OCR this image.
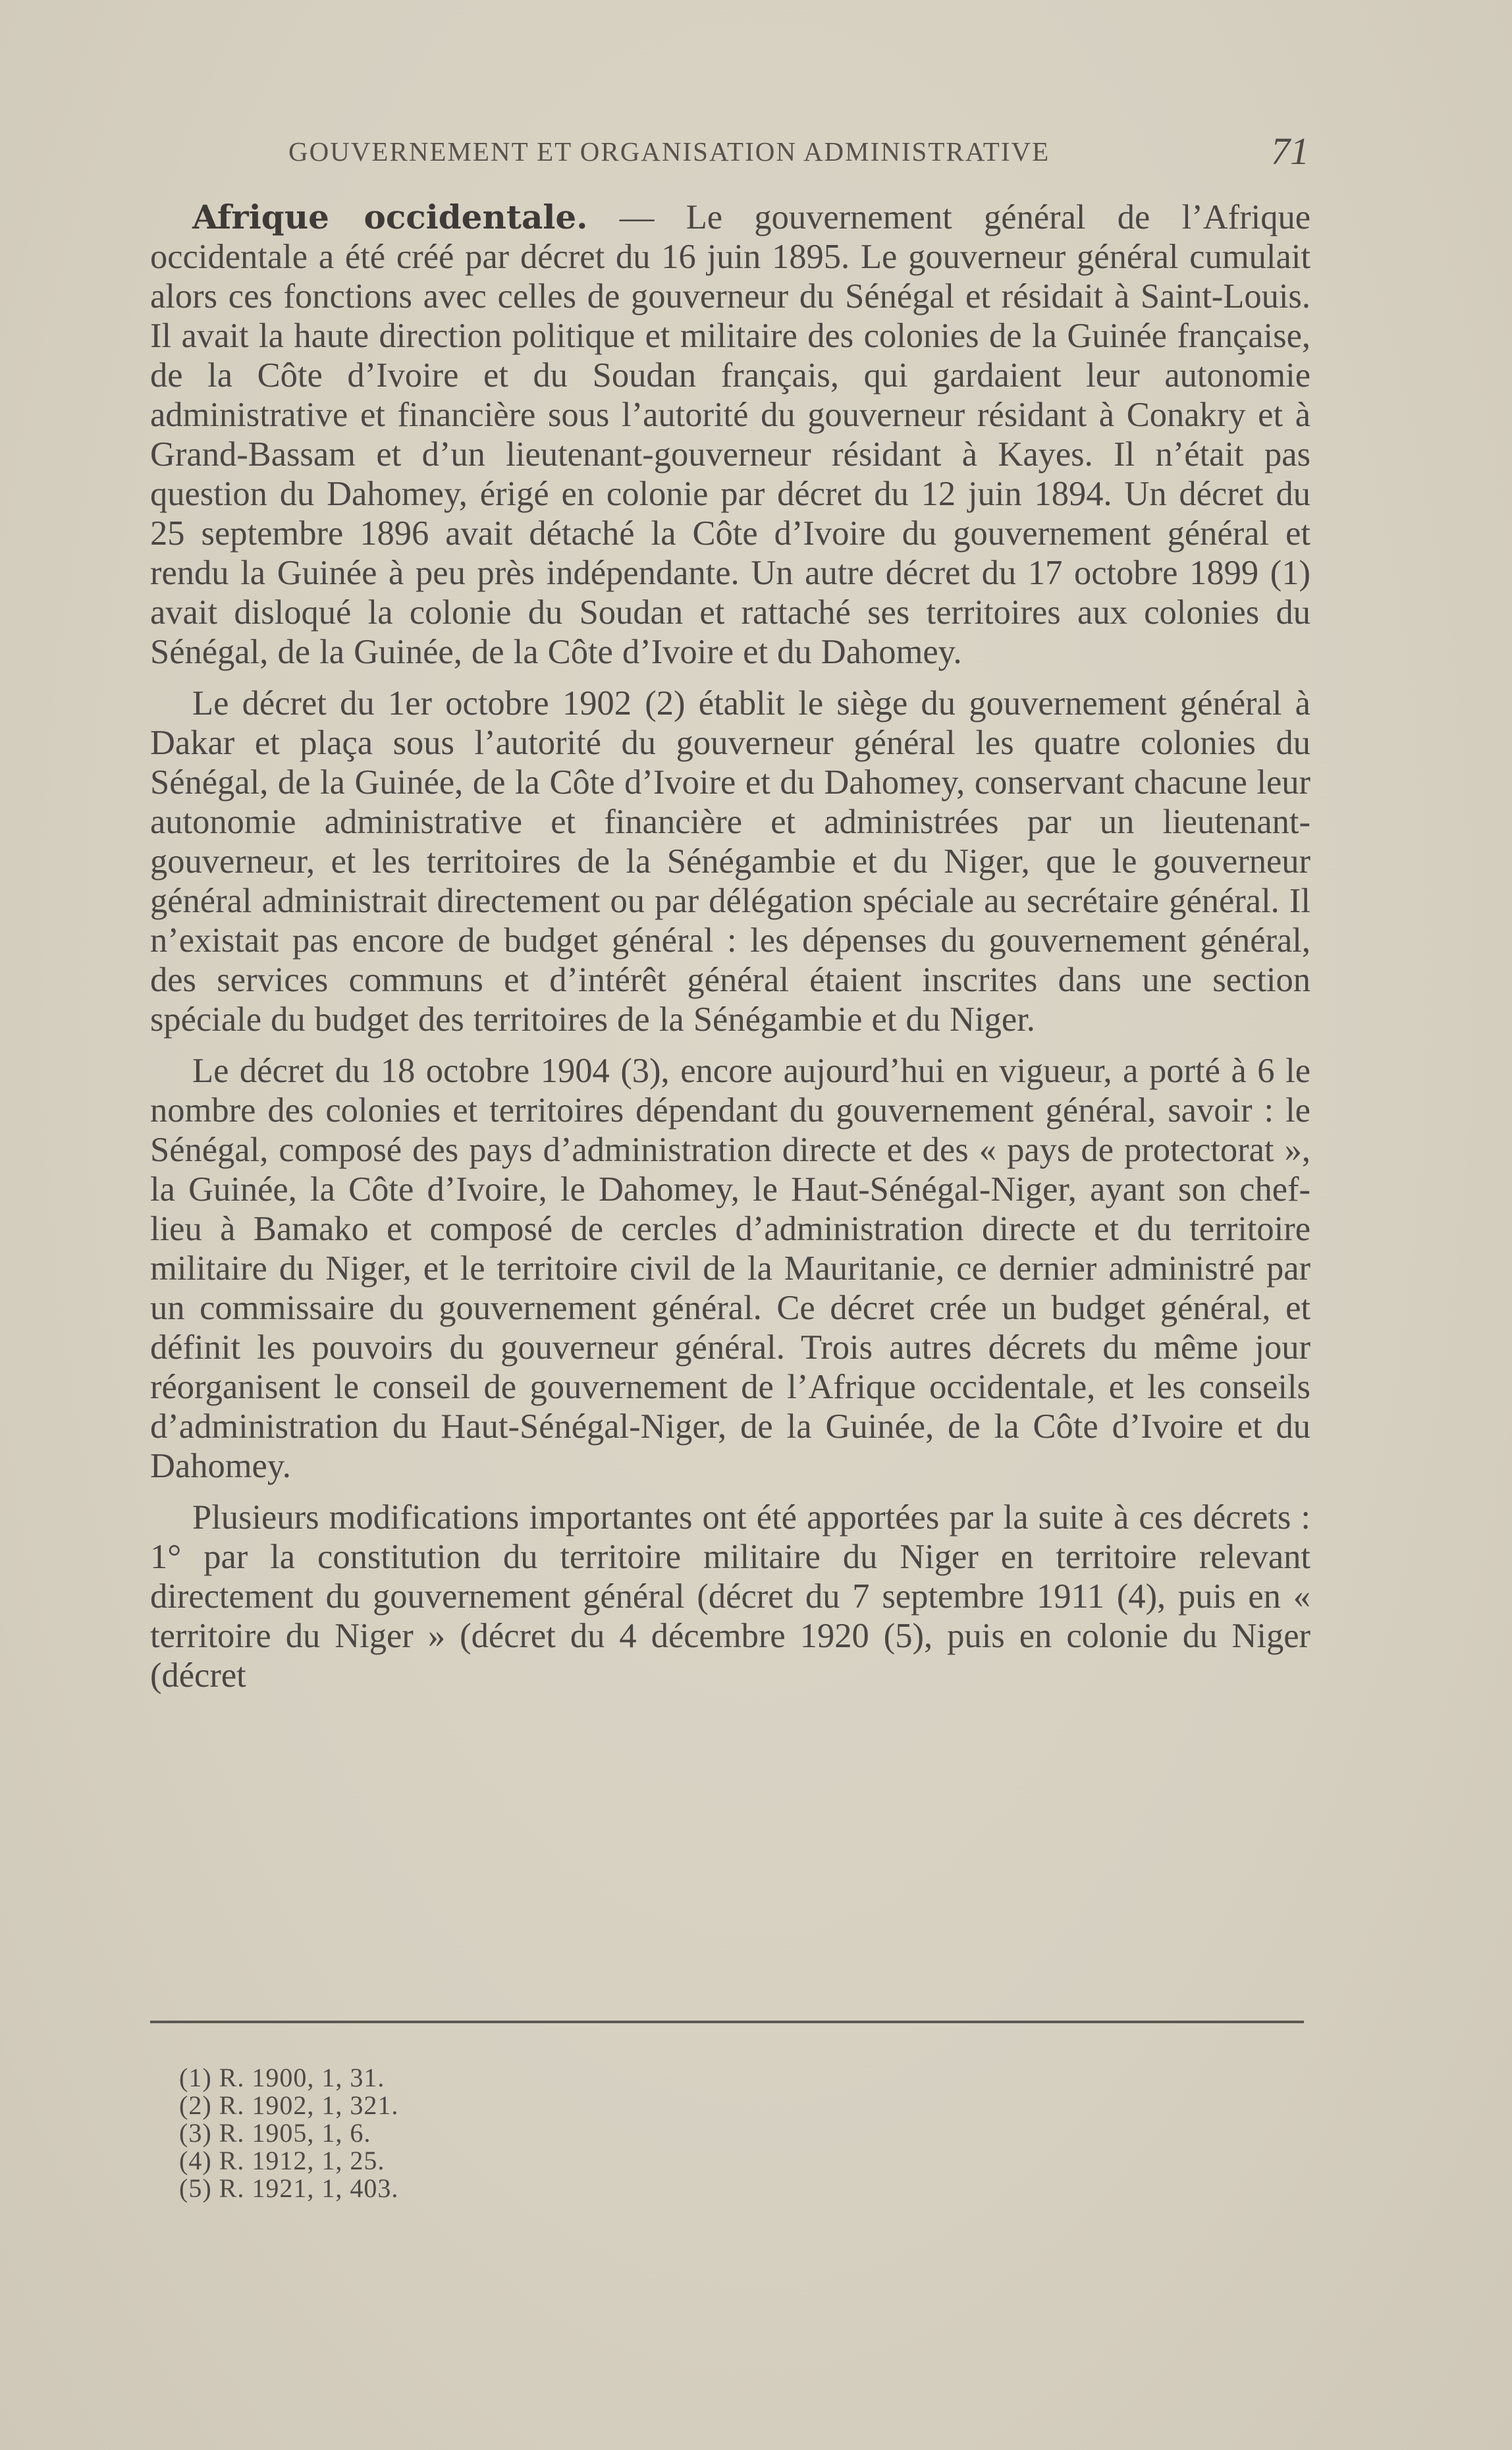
GOUVERNEMENT ET ORGANISATION ADMINISTRATIVE	71

Afrique occidentale. — Le gouvernement général de l’Afrique occidentale a été créé par décret du 16 juin 1895. Le gouverneur général cumulait alors ces fonctions avec celles de gouverneur du Sénégal et résidait à Saint-Louis. Il avait la haute direction politique et militaire des colonies de la Guinée française, de la Côte d’Ivoire et du Soudan français, qui gardaient leur autonomie administrative et financière sous l’autorité du gouverneur résidant à Conakry et à Grand-Bassam et d’un lieutenant-gouverneur résidant à Kayes. Il n’était pas question du Dahomey, érigé en colonie par décret du 12 juin 1894. Un décret du 25 septembre 1896 avait détaché la Côte d’Ivoire du gouvernement général et rendu la Guinée à peu près indépendante. Un autre décret du 17 octobre 1899 (1) avait disloqué la colonie du Soudan et rattaché ses territoires aux colonies du Sénégal, de la Guinée, de la Côte d’Ivoire et du Dahomey.

Le décret du 1er octobre 1902 (2) établit le siège du gouvernement général à Dakar et plaça sous l’autorité du gouverneur général les quatre colonies du Sénégal, de la Guinée, de la Côte d’Ivoire et du Dahomey, conservant chacune leur autonomie administrative et financière et administrées par un lieutenant-gouverneur, et les territoires de la Sénégambie et du Niger, que le gouverneur général administrait directement ou par délégation spéciale au secrétaire général. Il n’existait pas encore de budget général : les dépenses du gouvernement général, des services communs et d’intérêt général étaient inscrites dans une section spéciale du budget des territoires de la Sénégambie et du Niger.

Le décret du 18 octobre 1904 (3), encore aujourd’hui en vigueur, a porté à 6 le nombre des colonies et territoires dépendant du gouvernement général, savoir : le Sénégal, composé des pays d’administration directe et des « pays de protectorat », la Guinée, la Côte d’Ivoire, le Dahomey, le Haut-Sénégal-Niger, ayant son chef-lieu à Bamako et composé de cercles d’administration directe et du territoire militaire du Niger, et le territoire civil de la Mauritanie, ce dernier administré par un commissaire du gouvernement général. Ce décret crée un budget général, et définit les pouvoirs du gouverneur général. Trois autres décrets du même jour réorganisent le conseil de gouvernement de l’Afrique occidentale, et les conseils d’administration du Haut-Sénégal-Niger, de la Guinée, de la Côte d’Ivoire et du Dahomey.

Plusieurs modifications importantes ont été apportées par la suite à ces décrets : 1° par la constitution du territoire militaire du Niger en territoire relevant directement du gouvernement général (décret du 7 septembre 1911 (4), puis en « territoire du Niger » (décret du 4 décembre 1920 (5), puis en colonie du Niger (décret

(1) R. 1900, 1, 31.
(2) R. 1902, 1, 321.
(3) R. 1905, 1, 6.
(4) R. 1912, 1, 25.
(5) R. 1921, 1, 403.
